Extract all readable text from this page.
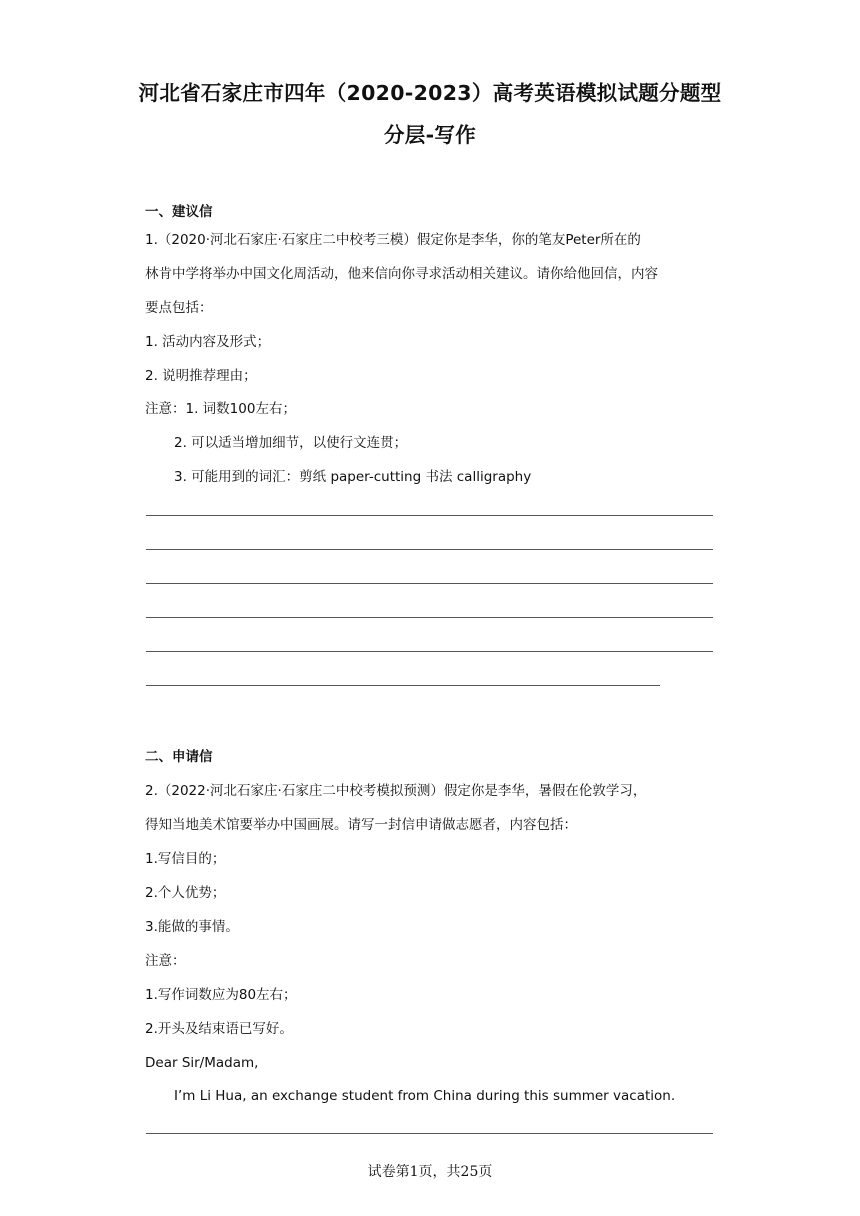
河北省石家庄市四年（2020-2023）高考英语模拟试题分题型
分层-写作
一、建议信
1.（2020·河北石家庄·石家庄二中校考三模）假定你是李华，你的笔友Peter所在的
林肯中学将举办中国文化周活动，他来信向你寻求活动相关建议。请你给他回信，内容
要点包括：
1. 活动内容及形式；
2. 说明推荐理由；
注意：1. 词数100左右；
2. 可以适当增加细节，以使行文连贯；
3. 可能用到的词汇：剪纸 paper-cutting 书法 calligraphy
二、申请信
2.（2022·河北石家庄·石家庄二中校考模拟预测）假定你是李华，暑假在伦敦学习，
得知当地美术馆要举办中国画展。请写一封信申请做志愿者，内容包括：
1.写信目的；
2.个人优势；
3.能做的事情。
注意：
1.写作词数应为80左右；
2.开头及结束语已写好。
Dear Sir/Madam,
I’m Li Hua, an exchange student from China during this summer vacation.
试卷第1页，共25页
